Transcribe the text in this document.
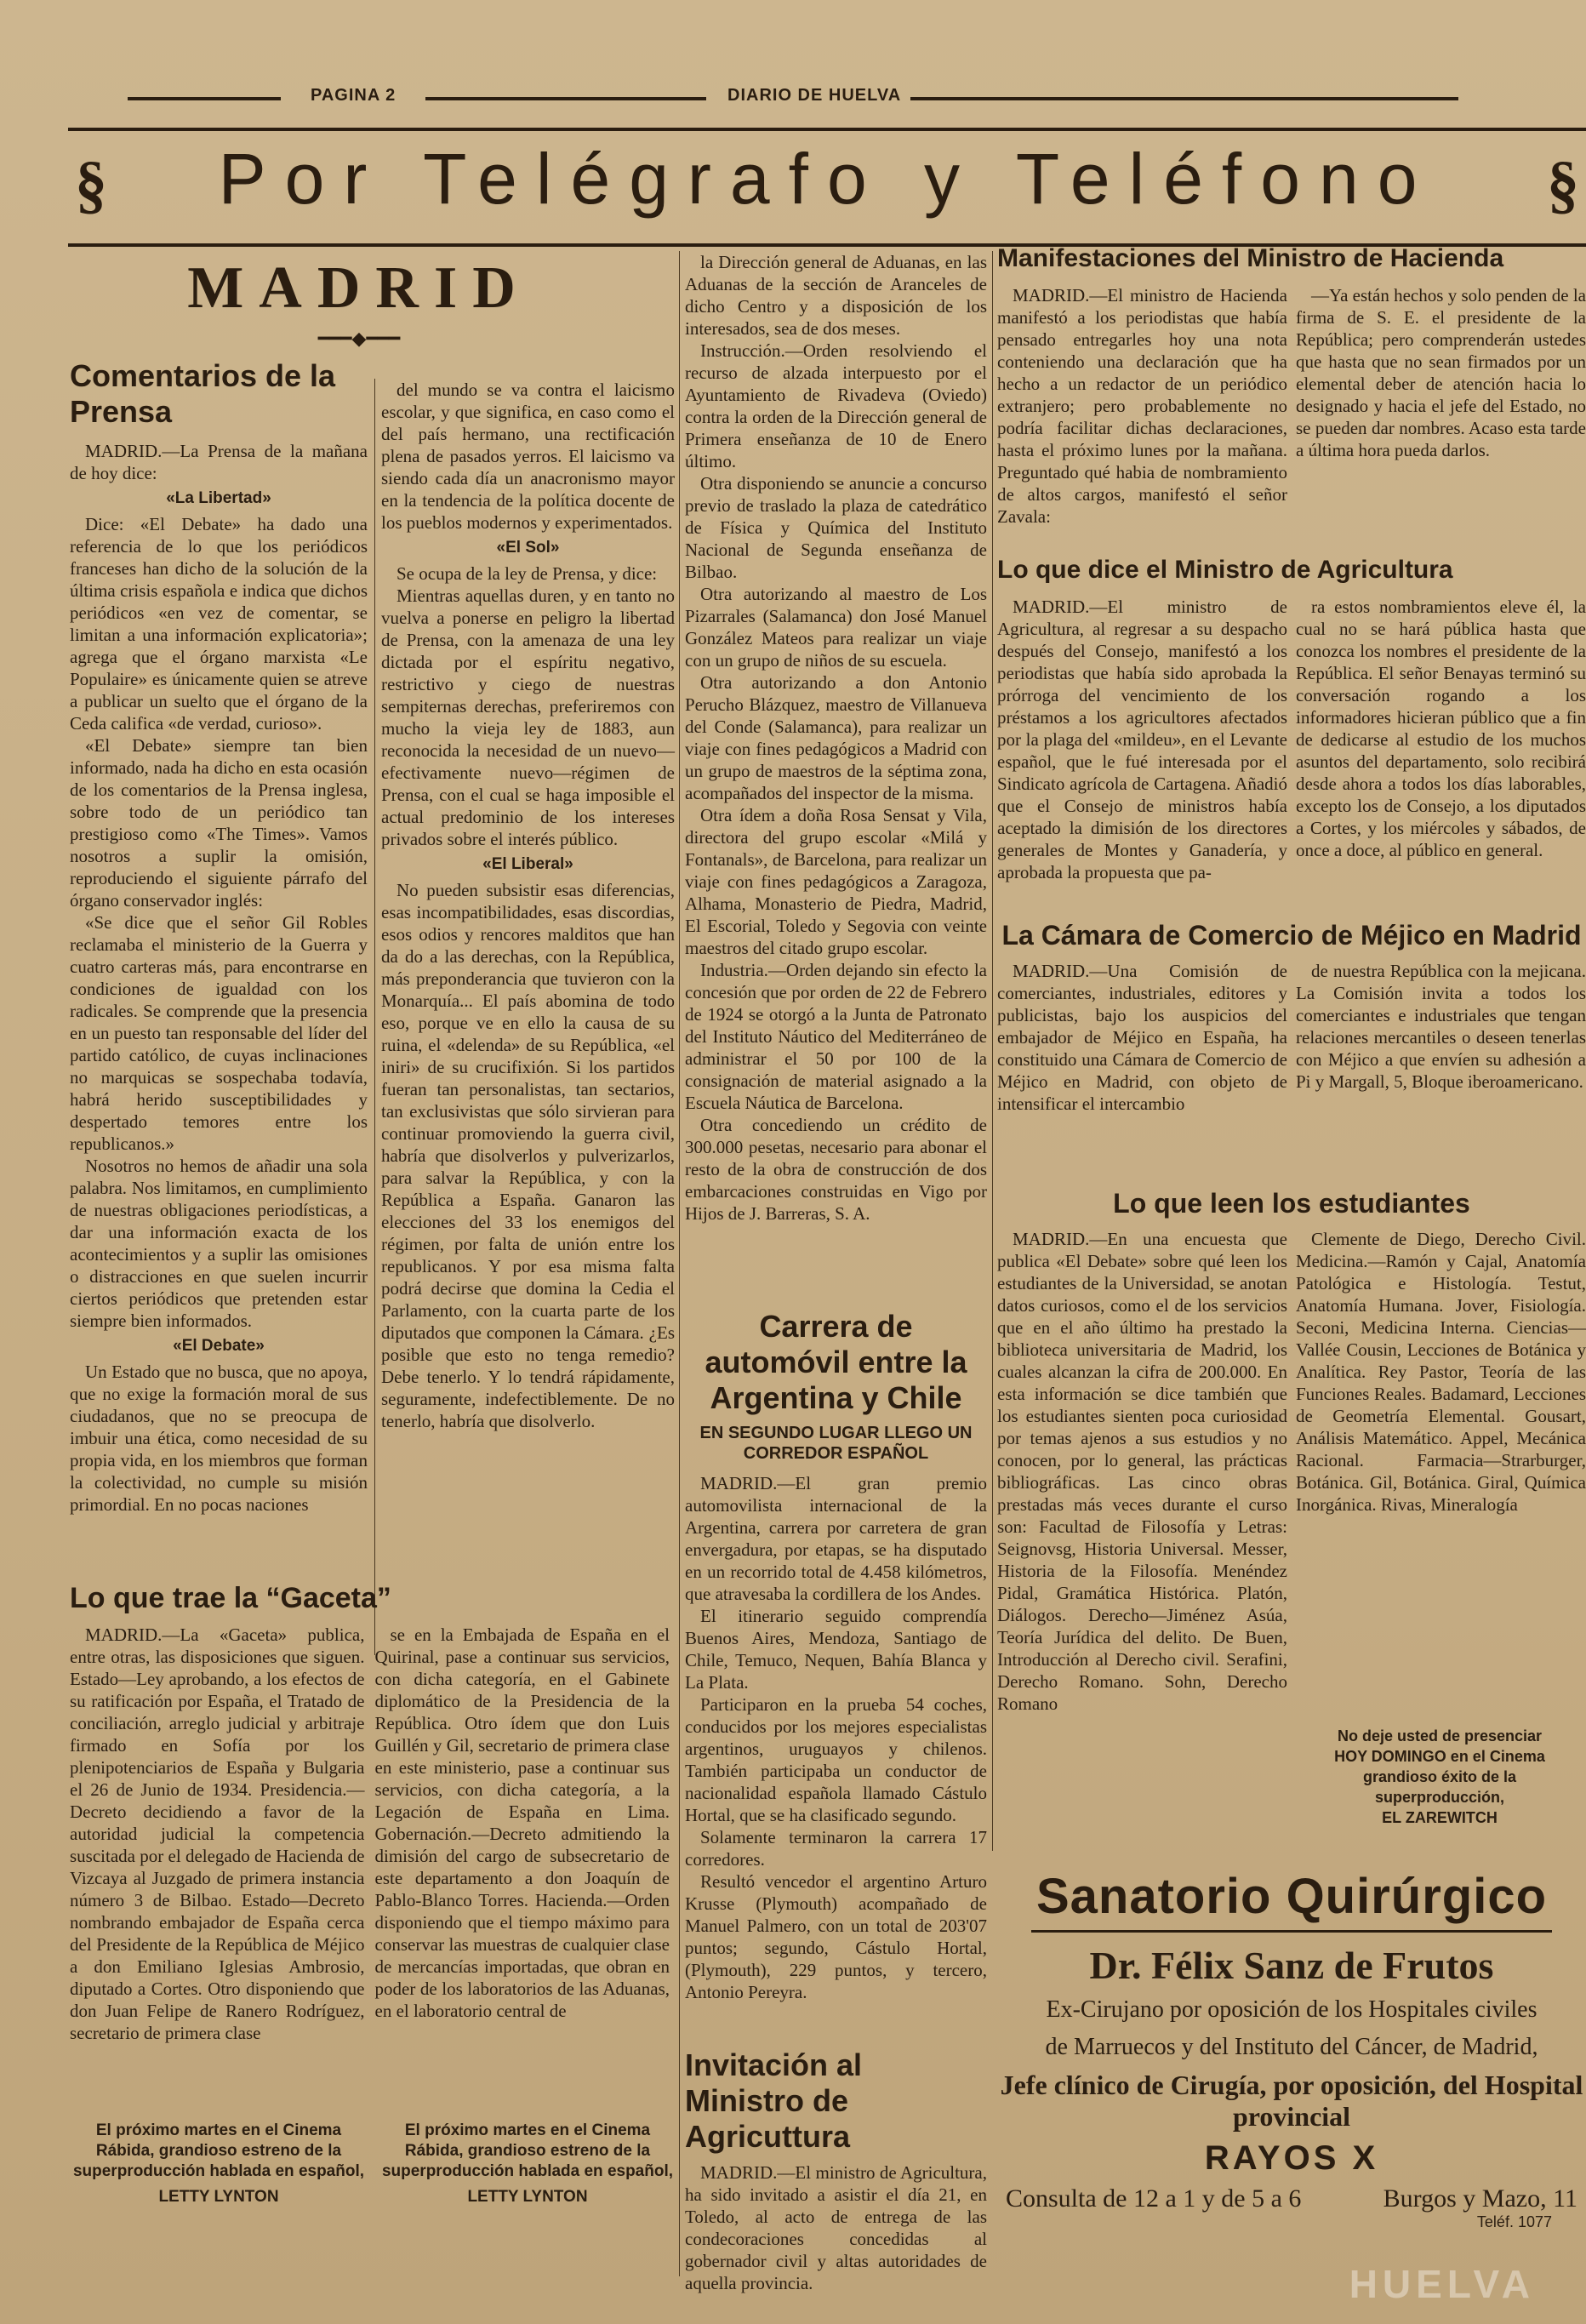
PAGINA 2	DIARIO DE HUELVA
§	Por Telégrafo y Teléfono	§
MADRID
━━━◆━━━
Comentarios de la Prensa

MADRID.—La Prensa de la mañana de hoy dice:

«La Libertad»

Dice: «El Debate» ha dado una referencia de lo que los periódicos franceses han dicho de la solución de la última crisis española e indica que dichos periódicos «en vez de comentar, se limitan a una información explicatoria»; agrega que el órgano marxista «Le Populaire» es únicamente quien se atreve a publicar un suelto que el órgano de la Ceda califica «de verdad, curioso».

«El Debate» siempre tan bien informado, nada ha dicho en esta ocasión de los comentarios de la Prensa inglesa, sobre todo de un periódico tan prestigioso como «The Times». Vamos nosotros a suplir la omisión, reproduciendo el siguiente párrafo del órgano conservador inglés:

«Se dice que el señor Gil Robles reclamaba el ministerio de la Guerra y cuatro carteras más, para encontrarse en condiciones de igualdad con los radicales. Se comprende que la presencia en un puesto tan responsable del líder del partido católico, de cuyas inclinaciones no marquicas se sospechaba todavía, habrá herido susceptibilidades y despertado temores entre los republicanos.»

Nosotros no hemos de añadir una sola palabra. Nos limitamos, en cumplimiento de nuestras obligaciones periodísticas, a dar una información exacta de los acontecimientos y a suplir las omisiones o distracciones en que suelen incurrir ciertos periódicos que pretenden estar siempre bien informados.

«El Debate»

Un Estado que no busca, que no apoya, que no exige la formación moral de sus ciudadanos, que no se preocupa de imbuir una ética, como necesidad de su propia vida, en los miembros que forman la colectividad, no cumple su misión primordial. En no pocas naciones

del mundo se va contra el laicismo escolar, y que significa, en caso como el del país hermano, una rectificación plena de pasados yerros. El laicismo va siendo cada día un anacronismo mayor en la tendencia de la política docente de los pueblos modernos y experimentados.

«El Sol»

Se ocupa de la ley de Prensa, y dice:

Mientras aquellas duren, y en tanto no vuelva a ponerse en peligro la libertad de Prensa, con la amenaza de una ley dictada por el espíritu negativo, restrictivo y ciego de nuestras sempiternas derechas, preferiremos con mucho la vieja ley de 1883, aun reconocida la necesidad de un nuevo—efectivamente nuevo—régimen de Prensa, con el cual se haga imposible el actual predominio de los intereses privados sobre el interés público.

«El Liberal»

No pueden subsistir esas diferencias, esas incompatibilidades, esas discordias, esos odios y rencores malditos que han da do a las derechas, con la República, más preponderancia que tuvieron con la Monarquía... El país abomina de todo eso, porque ve en ello la causa de su ruina, el «delenda» de su República, «el iniri» de su crucifixión. Si los partidos fueran tan personalistas, tan sectarios, tan exclusivistas que sólo sirvieran para continuar promoviendo la guerra civil, habría que disolverlos y pulverizarlos, para salvar la República, y con la República a España. Ganaron las elecciones del 33 los enemigos del régimen, por falta de unión entre los republicanos. Y por esa misma falta podrá decirse que domina la Cedia el Parlamento, con la cuarta parte de los diputados que componen la Cámara. ¿Es posible que esto no tenga remedio? Debe tenerlo. Y lo tendrá rápidamente, seguramente, indefectiblemente. De no tenerlo, habría que disolverlo.

Lo que trae la “Gaceta”

MADRID.—La «Gaceta» publica, entre otras, las disposiciones que siguen. Estado—Ley aprobando, a los efectos de su ratificación por España, el Tratado de conciliación, arreglo judicial y arbitraje firmado en Sofía por los plenipotenciarios de España y Bulgaria el 26 de Junio de 1934. Presidencia.—Decreto decidiendo a favor de la autoridad judicial la competencia suscitada por el delegado de Hacienda de Vizcaya al Juzgado de primera instancia número 3 de Bilbao. Estado—Decreto nombrando embajador de España cerca del Presidente de la República de Méjico a don Emiliano Iglesias Ambrosio, diputado a Cortes. Otro disponiendo que don Juan Felipe de Ranero Rodríguez, secretario de primera clase

se en la Embajada de España en el Quirinal, pase a continuar sus servicios, con dicha categoría, en el Gabinete diplomático de la Presidencia de la República. Otro ídem que don Luis Guillén y Gil, secretario de primera clase en este ministerio, pase a continuar sus servicios, con dicha categoría, a la Legación de España en Lima. Gobernación.—Decreto admitiendo la dimisión del cargo de subsecretario de este departamento a don Joaquín de Pablo-Blanco Torres. Hacienda.—Orden disponiendo que el tiempo máximo para conservar las muestras de cualquier clase de mercancías importadas, que obran en poder de los laboratorios de las Aduanas, en el laboratorio central de

El próximo martes en el Cinema Rábida, grandioso estreno de la superproducción hablada en español,
LETTY LYNTON
El próximo martes en el Cinema Rábida, grandioso estreno de la superproducción hablada en español,
LETTY LYNTON

la Dirección general de Aduanas, en las Aduanas de la sección de Aranceles de dicho Centro y a disposición de los interesados, sea de dos meses.

Instrucción.—Orden resolviendo el recurso de alzada interpuesto por el Ayuntamiento de Rivadeva (Oviedo) contra la orden de la Dirección general de Primera enseñanza de 10 de Enero último.

Otra disponiendo se anuncie a concurso previo de traslado la plaza de catedrático de Física y Química del Instituto Nacional de Segunda enseñanza de Bilbao.

Otra autorizando al maestro de Los Pizarrales (Salamanca) don José Manuel González Mateos para realizar un viaje con un grupo de niños de su escuela.

Otra autorizando a don Antonio Perucho Blázquez, maestro de Villanueva del Conde (Salamanca), para realizar un viaje con fines pedagógicos a Madrid con un grupo de maestros de la séptima zona, acompañados del inspector de la misma.

Otra ídem a doña Rosa Sensat y Vila, directora del grupo escolar «Milá y Fontanals», de Barcelona, para realizar un viaje con fines pedagógicos a Zaragoza, Alhama, Monasterio de Piedra, Madrid, El Escorial, Toledo y Segovia con veinte maestros del citado grupo escolar.

Industria.—Orden dejando sin efecto la concesión que por orden de 22 de Febrero de 1924 se otorgó a la Junta de Patronato del Instituto Náutico del Mediterráneo de administrar el 50 por 100 de la consignación de material asignado a la Escuela Náutica de Barcelona.

Otra concediendo un crédito de 300.000 pesetas, necesario para abonar el resto de la obra de construcción de dos embarcaciones construidas en Vigo por Hijos de J. Barreras, S. A.

Carrera de automóvil entre la Argentina y Chile
EN SEGUNDO LUGAR LLEGO UN CORREDOR ESPAÑOL

MADRID.—El gran premio automovilista internacional de la Argentina, carrera por carretera de gran envergadura, por etapas, se ha disputado en un recorrido total de 4.458 kilómetros, que atravesaba la cordillera de los Andes.

El itinerario seguido comprendía Buenos Aires, Mendoza, Santiago de Chile, Temuco, Nequen, Bahía Blanca y La Plata.

Participaron en la prueba 54 coches, conducidos por los mejores especialistas argentinos, uruguayos y chilenos. También participaba un conductor de nacionalidad española llamado Cástulo Hortal, que se ha clasificado segundo.

Solamente terminaron la carrera 17 corredores.

Resultó vencedor el argentino Arturo Krusse (Plymouth) acompañado de Manuel Palmero, con un total de 203'07 puntos; segundo, Cástulo Hortal, (Plymouth), 229 puntos, y tercero, Antonio Pereyra.

Invitación al Ministro de Agricuttura

MADRID.—El ministro de Agricultura, ha sido invitado a asistir el día 21, en Toledo, al acto de entrega de las condecoraciones concedidas al gobernador civil y altas autoridades de aquella provincia.

Manifestaciones del Ministro de Hacienda

MADRID.—El ministro de Hacienda manifestó a los periodistas que había pensado entregarles hoy una nota conteniendo una declaración que ha hecho a un redactor de un periódico extranjero; pero probablemente no podría facilitar dichas declaraciones, hasta el próximo lunes por la mañana. Preguntado qué habia de nombramiento de altos cargos, manifestó el señor Zavala:

—Ya están hechos y solo penden de la firma de S. E. el presidente de la República; pero comprenderán ustedes que hasta que no sean firmados por un elemental deber de atención hacia lo designado y hacia el jefe del Estado, no se pueden dar nombres. Acaso esta tarde a última hora pueda darlos.

Lo que dice el Ministro de Agricultura

MADRID.—El ministro de Agricultura, al regresar a su despacho después del Consejo, manifestó a los periodistas que había sido aprobada la prórroga del vencimiento de los préstamos a los agricultores afectados por la plaga del «mildeu», en el Levante español, que le fué interesada por el Sindicato agrícola de Cartagena. Añadió que el Consejo de ministros había aceptado la dimisión de los directores generales de Montes y Ganadería, y aprobada la propuesta que pa-

ra estos nombramientos eleve él, la cual no se hará pública hasta que conozca los nombres el presidente de la República. El señor Benayas terminó su conversación rogando a los informadores hicieran público que a fin de dedicarse al estudio de los muchos asuntos del departamento, solo recibirá desde ahora a todos los días laborables, excepto los de Consejo, a los diputados a Cortes, y los miércoles y sábados, de once a doce, al público en general.

La Cámara de Comercio de Méjico en Madrid

MADRID.—Una Comisión de comerciantes, industriales, editores y publicistas, bajo los auspicios del embajador de Méjico en España, ha constituido una Cámara de Comercio de Méjico en Madrid, con objeto de intensificar el intercambio

de nuestra República con la mejicana. La Comisión invita a todos los comerciantes e industriales que tengan relaciones mercantiles o deseen tenerlas con Méjico a que envíen su adhesión a Pi y Margall, 5, Bloque iberoamericano.

Lo que leen los estudiantes

MADRID.—En una encuesta que publica «El Debate» sobre qué leen los estudiantes de la Universidad, se anotan datos curiosos, como el de los servicios que en el año último ha prestado la biblioteca universitaria de Madrid, los cuales alcanzan la cifra de 200.000. En esta información se dice también que los estudiantes sienten poca curiosidad por temas ajenos a sus estudios y no conocen, por lo general, las prácticas bibliográficas. Las cinco obras prestadas más veces durante el curso son: Facultad de Filosofía y Letras: Seignovsg, Historia Universal. Messer, Historia de la Filosofía. Menéndez Pidal, Gramática Histórica. Platón, Diálogos. Derecho—Jiménez Asúa, Teoría Jurídica del delito. De Buen, Introducción al Derecho civil. Serafini, Derecho Romano. Sohn, Derecho Romano

Clemente de Diego, Derecho Civil. Medicina.—Ramón y Cajal, Anatomía Patológica e Histología. Testut, Anatomía Humana. Jover, Fisiología. Seconi, Medicina Interna. Ciencias—Vallée Cousin, Lecciones de Botánica y Analítica. Rey Pastor, Teoría de las Funciones Reales. Badamard, Lecciones de Geometría Elemental. Gousart, Análisis Matemático. Appel, Mecánica Racional. Farmacia—Strarburger, Botánica. Gil, Botánica. Giral, Química Inorgánica. Rivas, Mineralogía

No deje usted de presenciar
HOY DOMINGO en el Cinema
grandioso éxito de la
superproducción,
EL ZAREWITCH
Sanatorio Quirúrgico
Dr. Félix Sanz de Frutos
Ex-Cirujano por oposición de los Hospitales civiles
de Marruecos y del Instituto del Cáncer, de Madrid,
Jefe clínico de Cirugía, por oposición, del Hospital provincial
RAYOS X
Consulta de 12 a 1 y de 5 a 6	Burgos y Mazo, 11
Teléf. 1077
HUELVA
